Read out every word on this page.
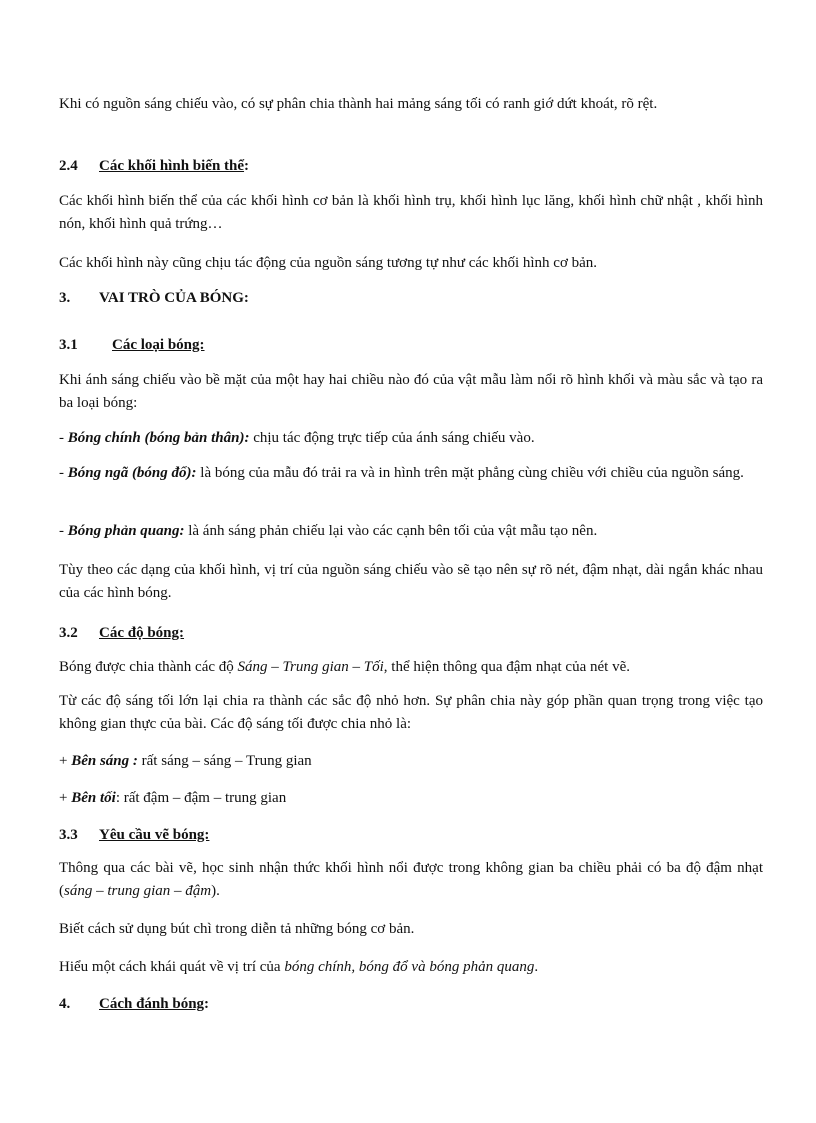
Khi có nguồn sáng chiếu vào, có sự phân chia thành hai mảng sáng tối có ranh giớ dứt khoát, rõ rệt.

2.4 Các khối hình biến thể:

Các khối hình biến thể của các khối hình cơ bản là khối hình trụ, khối hình lục lăng, khối hình chữ nhật , khối hình nón, khối hình quả trứng…

Các khối hình này cũng chịu tác động của nguồn sáng tương tự như các khối hình cơ bản.

3. VAI TRÒ CỦA BÓNG:
3.1 Các loại bóng:

Khi ánh sáng chiếu vào bề mặt của một hay hai chiều nào đó của vật mẫu làm nổi rõ hình khối và màu sắc và tạo ra ba loại bóng:

- Bóng chính (bóng bản thân): chịu tác động trực tiếp của ánh sáng chiếu vào.

- Bóng ngã (bóng đổ): là bóng của mẫu đó trải ra và in hình trên mặt phẳng cùng chiều với chiều của nguồn sáng.

- Bóng phản quang: là ánh sáng phản chiếu lại vào các cạnh bên tối của vật mẫu tạo nên.

Tùy theo các dạng của khối hình, vị trí của nguồn sáng chiếu vào sẽ tạo nên sự rõ nét, đậm nhạt, dài ngắn khác nhau của các hình bóng.

3.2 Các độ bóng:

Bóng được chia thành các độ Sáng – Trung gian – Tối, thể hiện thông qua đậm nhạt của nét vẽ.

Từ các độ sáng tối lớn lại chia ra thành các sắc độ nhỏ hơn. Sự phân chia này góp phần quan trọng trong việc tạo không gian thực của bài. Các độ sáng tối được chia nhỏ là:

+ Bên sáng : rất sáng – sáng – Trung gian

+ Bên tối: rất đậm – đậm – trung gian

3.3 Yêu cầu vẽ bóng:

Thông qua các bài vẽ, học sinh nhận thức khối hình nổi được trong không gian ba chiều phải có ba độ đậm nhạt (sáng – trung gian – đậm).

Biết cách sử dụng bút chì trong diễn tả những bóng cơ bản.

Hiểu một cách khái quát về vị trí của bóng chính, bóng đổ và bóng phản quang.

4. Cách đánh bóng:
